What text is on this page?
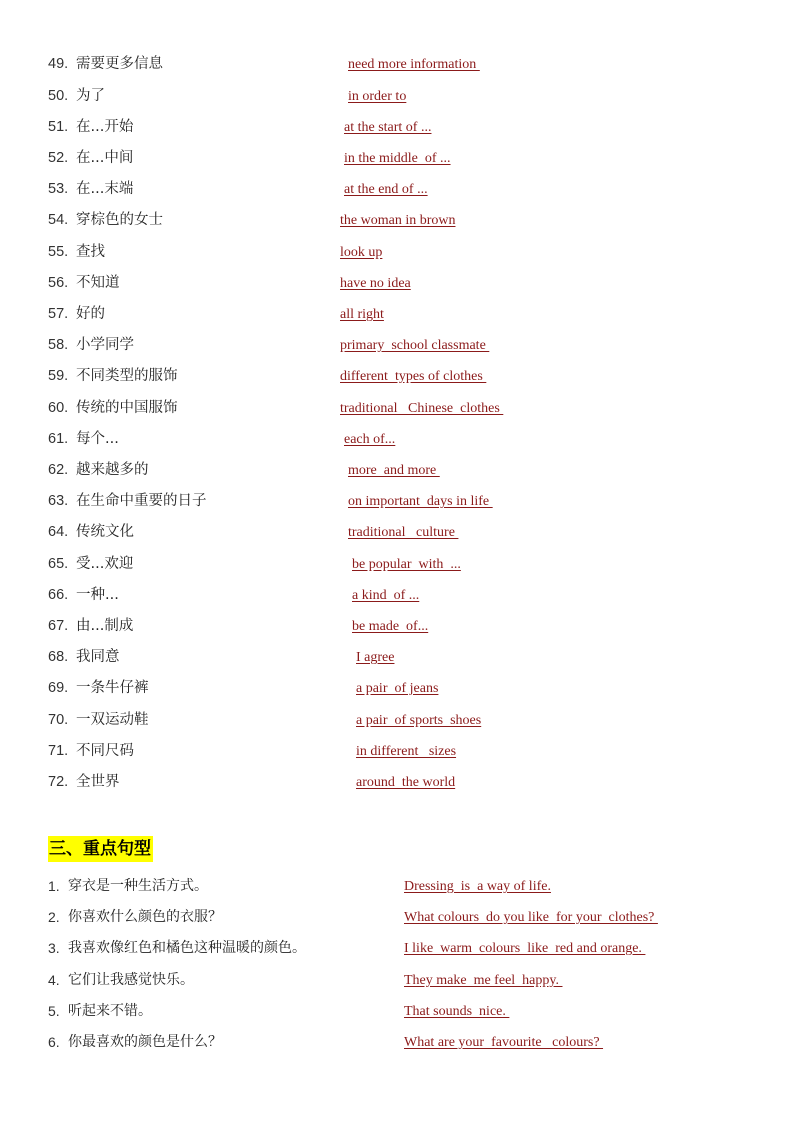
49. 需要更多信息	need more information
50. 为了	in order to
51. 在...开始	at the start of ...
52. 在...中间	in the middle  of ...
53. 在...末端	at the end of ...
54. 穿棕色的女士	the woman in brown
55. 查找	look up
56. 不知道	have no idea
57. 好的	all right
58. 小学同学	primary  school classmate
59. 不同类型的服饰	different  types of clothes
60. 传统的中国服饰	traditional   Chinese  clothes
61. 每个...	each of...
62. 越来越多的	more  and more
63. 在生命中重要的日子	on important  days in life
64. 传统文化	traditional   culture
65. 受...欢迎	be popular  with  ...
66. 一种...	a kind  of ...
67. 由...制成	be made  of...
68. 我同意	I agree
69. 一条牛仔裤	a pair  of jeans
70. 一双运动鞋	a pair  of sports  shoes
71. 不同尺码	in different   sizes
72. 全世界	around  the world
三、重点句型
1. 穿衣是一种生活方式。	Dressing  is  a way of life.
2. 你喜欢什么颜色的衣服？	What colours  do you like  for your  clothes?
3. 我喜欢像红色和橘色这种温暖的颜色。	I like  warm  colours  like  red and orange.
4. 它们让我感觉快乐。	They make  me feel  happy.
5. 听起来不错。	That sounds  nice.
6. 你最喜欢的颜色是什么？	What are your  favourite   colours?
